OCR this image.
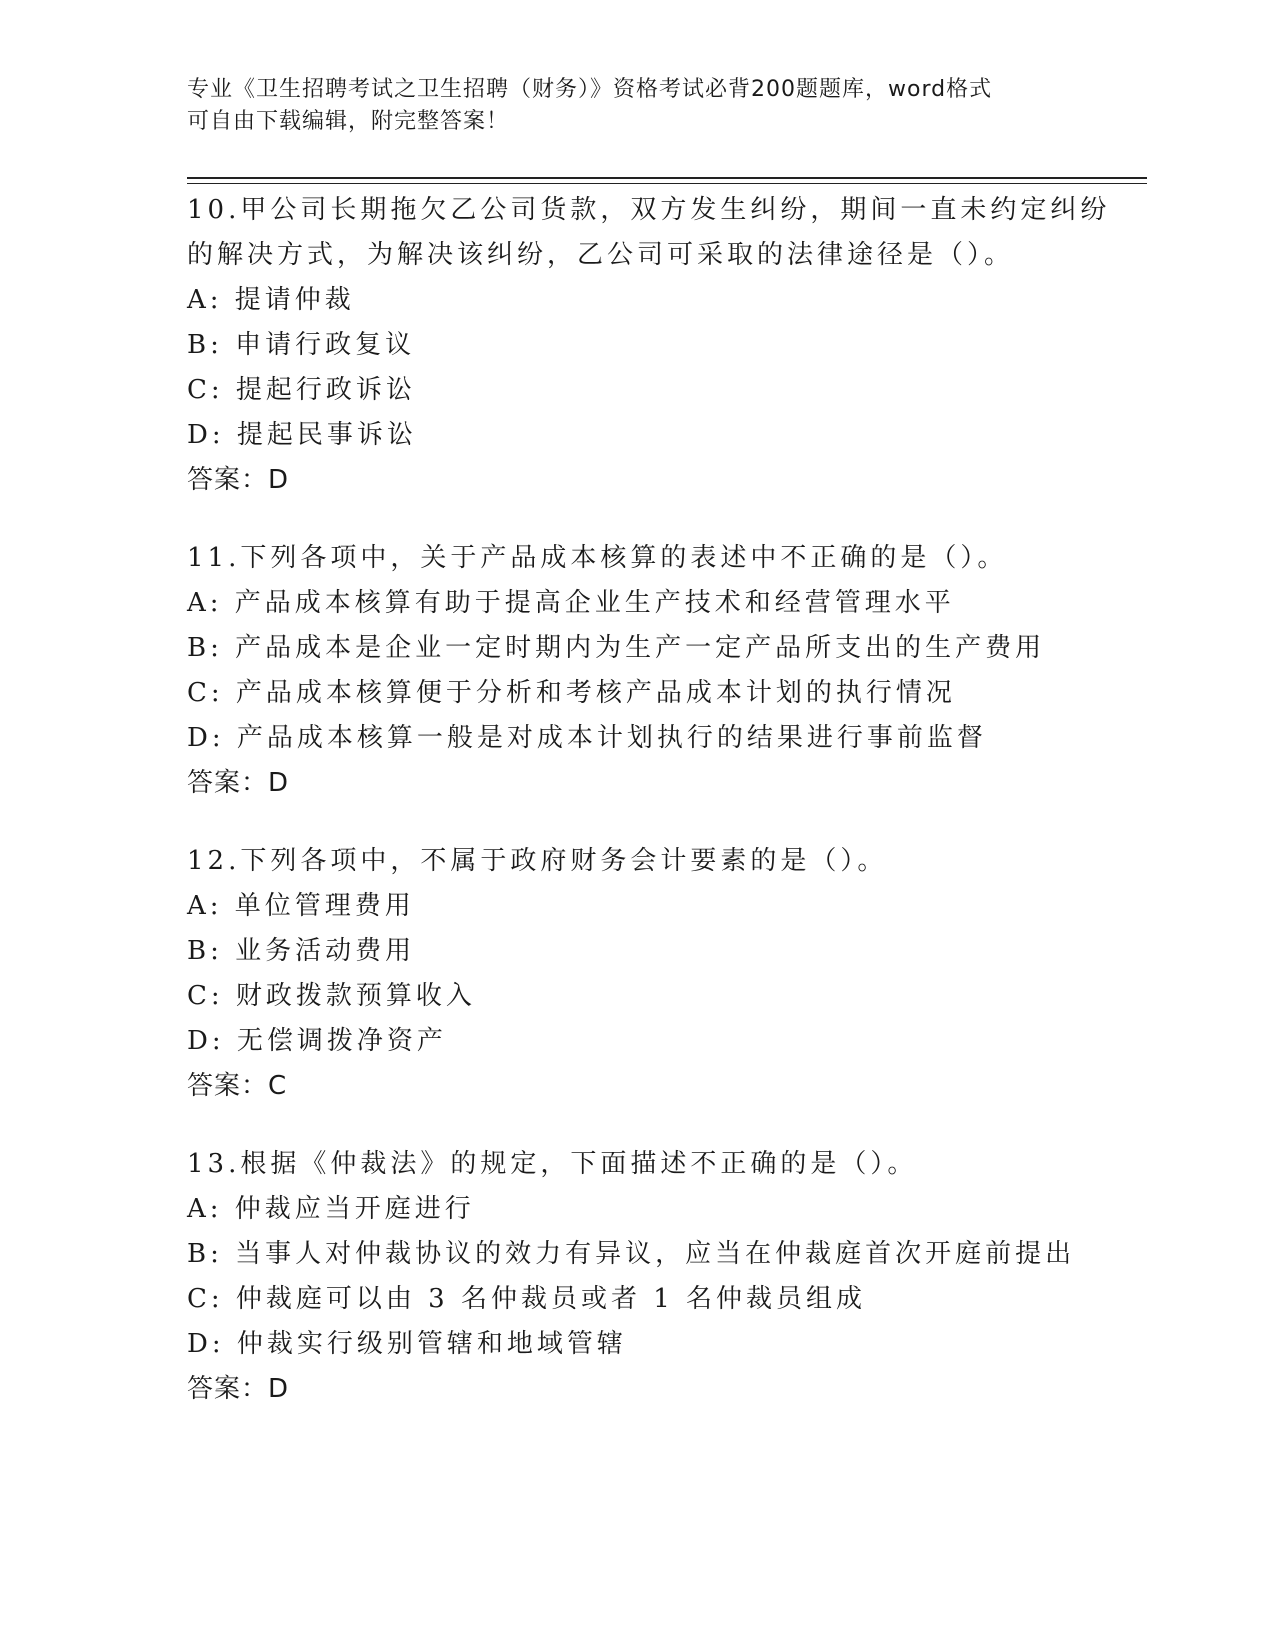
专业《卫生招聘考试之卫生招聘（财务）》资格考试必背200题题库，word格式
可自由下载编辑，附完整答案！
10.甲公司长期拖欠乙公司货款，双方发生纠纷，期间一直未约定纠纷
的解决方式，为解决该纠纷，乙公司可采取的法律途径是（）。
A: 提请仲裁
B: 申请行政复议
C: 提起行政诉讼
D: 提起民事诉讼
答案：D
11.下列各项中，关于产品成本核算的表述中不正确的是（）。
A: 产品成本核算有助于提高企业生产技术和经营管理水平
B: 产品成本是企业一定时期内为生产一定产品所支出的生产费用
C: 产品成本核算便于分析和考核产品成本计划的执行情况
D: 产品成本核算一般是对成本计划执行的结果进行事前监督
答案：D
12.下列各项中，不属于政府财务会计要素的是（）。
A: 单位管理费用
B: 业务活动费用
C: 财政拨款预算收入
D: 无偿调拨净资产
答案：C
13.根据《仲裁法》的规定，下面描述不正确的是（）。
A: 仲裁应当开庭进行
B: 当事人对仲裁协议的效力有异议，应当在仲裁庭首次开庭前提出
C: 仲裁庭可以由 3 名仲裁员或者 1 名仲裁员组成
D: 仲裁实行级别管辖和地域管辖
答案：D
